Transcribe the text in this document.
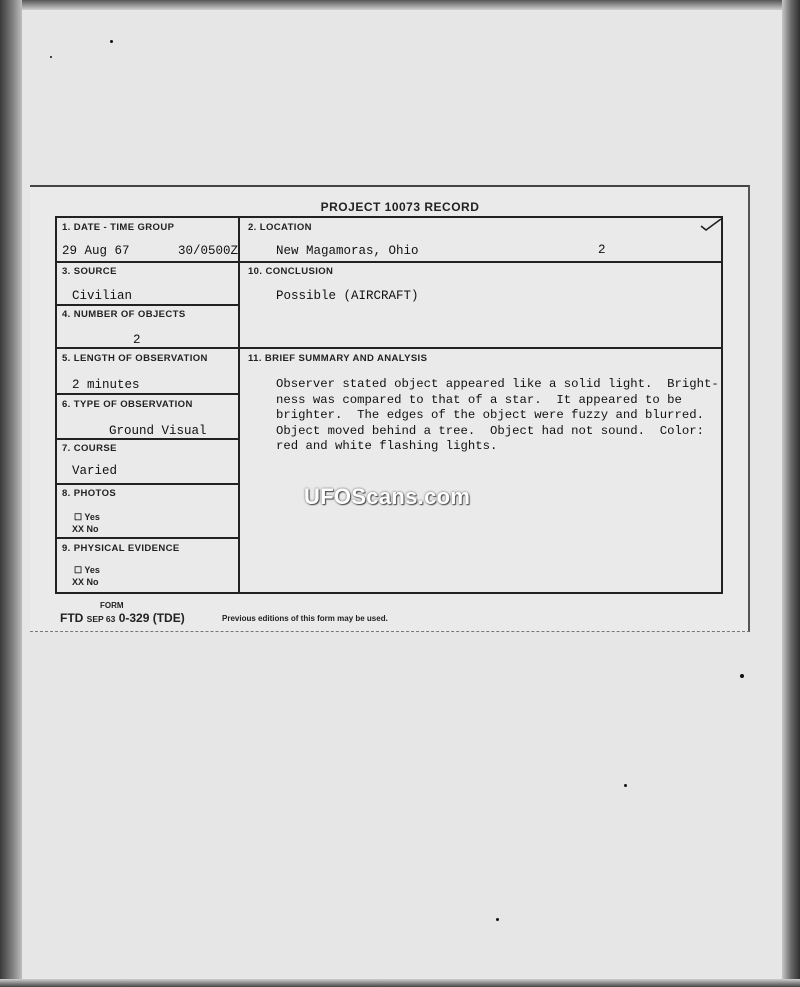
PROJECT 10073 RECORD
1. DATE - TIME GROUP
29 Aug 67	30/0500Z
2. LOCATION
New Magamoras, Ohio	2
3. SOURCE
Civilian
4. NUMBER OF OBJECTS
2
5. LENGTH OF OBSERVATION
2 minutes
6. TYPE OF OBSERVATION
Ground Visual
7. COURSE
Varied
8. PHOTOS
☐ Yes
XX No
9. PHYSICAL EVIDENCE
☐ Yes
XX No
10. CONCLUSION
Possible (AIRCRAFT)
11. BRIEF SUMMARY AND ANALYSIS
Observer stated object appeared like a solid light.  Bright-
ness was compared to that of a star.  It appeared to be
brighter.  The edges of the object were fuzzy and blurred.
Object moved behind a tree.  Object had not sound.  Color:
red and white flashing lights.
FORM
FTD SEP 63 0-329 (TDE)	Previous editions of this form may be used.
UFOScans.com
